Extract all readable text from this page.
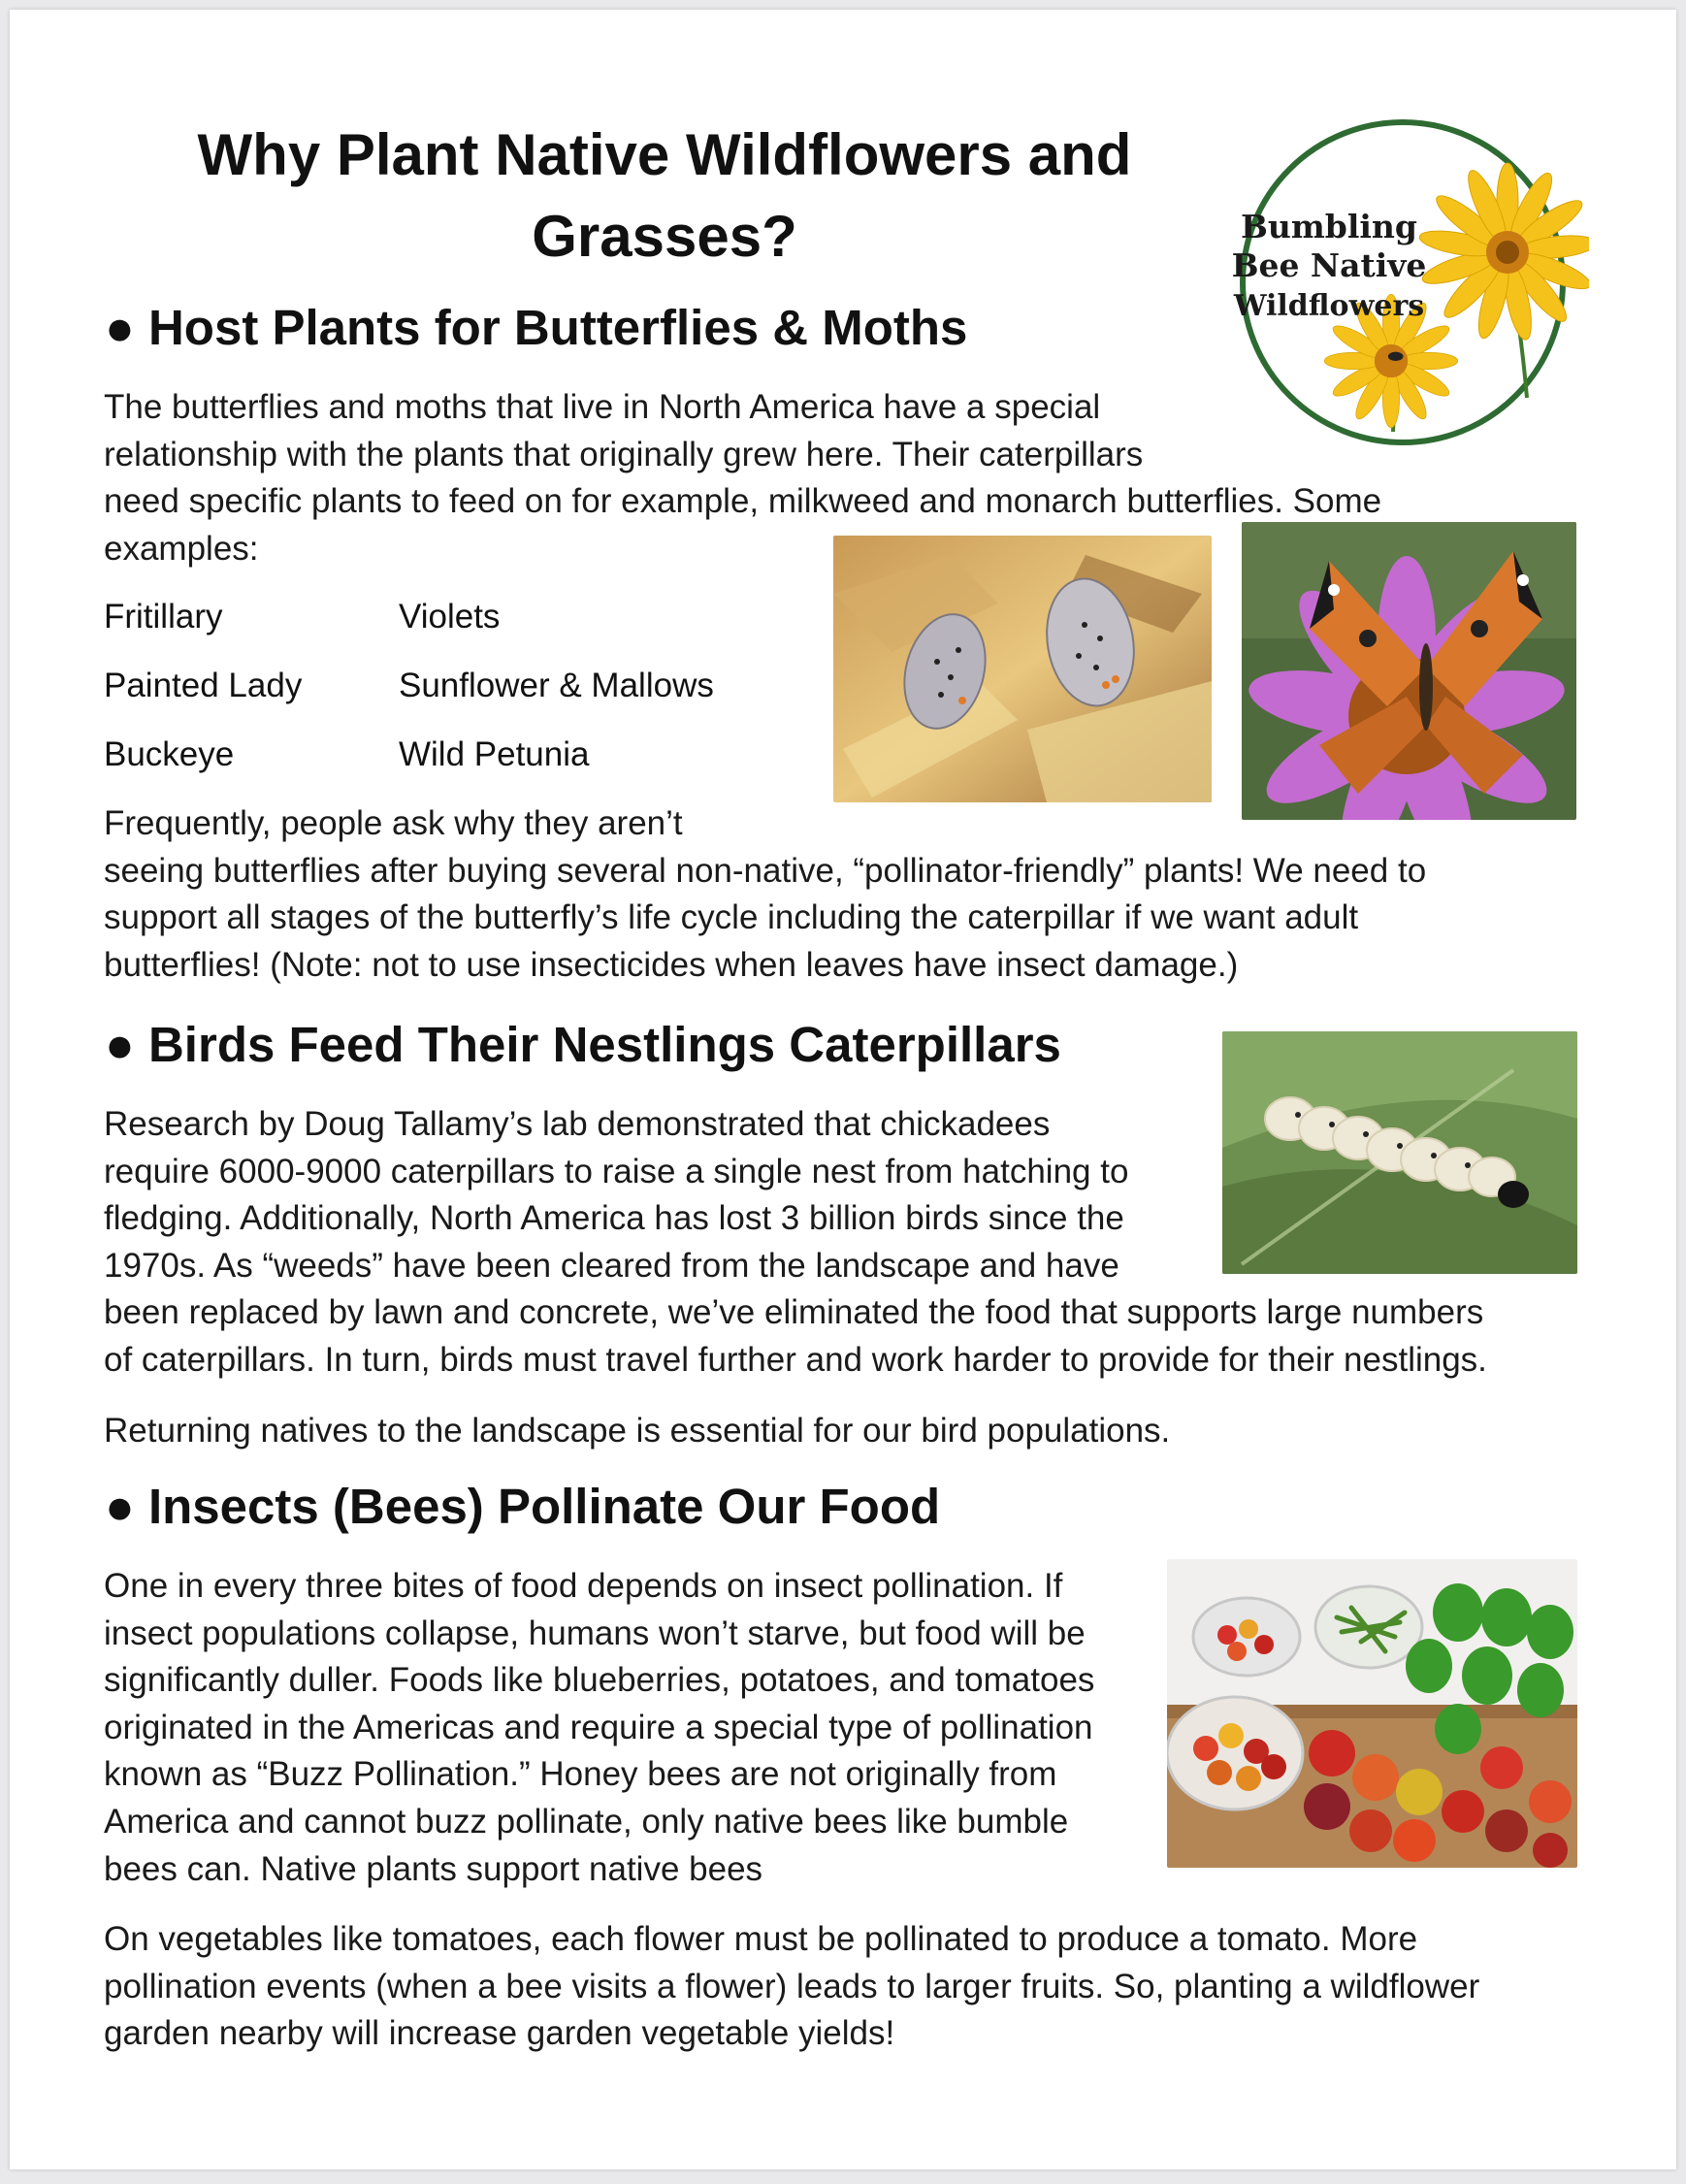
Why Plant Native Wildflowers and Grasses?	Bumbling
Bee Native
Wildflowers
● Host Plants for Butterflies & Moths
The butterflies and moths that live in North America have a special
relationship with the plants that originally grew here. Their caterpillars
need specific plants to feed on for example, milkweed and monarch butterflies. Some
examples:
Fritillary	Violets
Painted Lady	Sunflower & Mallows
Buckeye	Wild Petunia
Frequently, people ask why they aren’t
seeing butterflies after buying several non-native, “pollinator-friendly” plants! We need to
support all stages of the butterfly’s life cycle including the caterpillar if we want adult
butterflies! (Note: not to use insecticides when leaves have insect damage.)
● Birds Feed Their Nestlings Caterpillars
Research by Doug Tallamy’s lab demonstrated that chickadees
require 6000-9000 caterpillars to raise a single nest from hatching to
fledging. Additionally, North America has lost 3 billion birds since the
1970s. As “weeds” have been cleared from the landscape and have
been replaced by lawn and concrete, we’ve eliminated the food that supports large numbers
of caterpillars. In turn, birds must travel further and work harder to provide for their nestlings.
Returning natives to the landscape is essential for our bird populations.
● Insects (Bees) Pollinate Our Food
One in every three bites of food depends on insect pollination. If
insect populations collapse, humans won’t starve, but food will be
significantly duller. Foods like blueberries, potatoes, and tomatoes
originated in the Americas and require a special type of pollination
known as “Buzz Pollination.” Honey bees are not originally from
America and cannot buzz pollinate, only native bees like bumble
bees can. Native plants support native bees
On vegetables like tomatoes, each flower must be pollinated to produce a tomato. More
pollination events (when a bee visits a flower) leads to larger fruits. So, planting a wildflower
garden nearby will increase garden vegetable yields!
